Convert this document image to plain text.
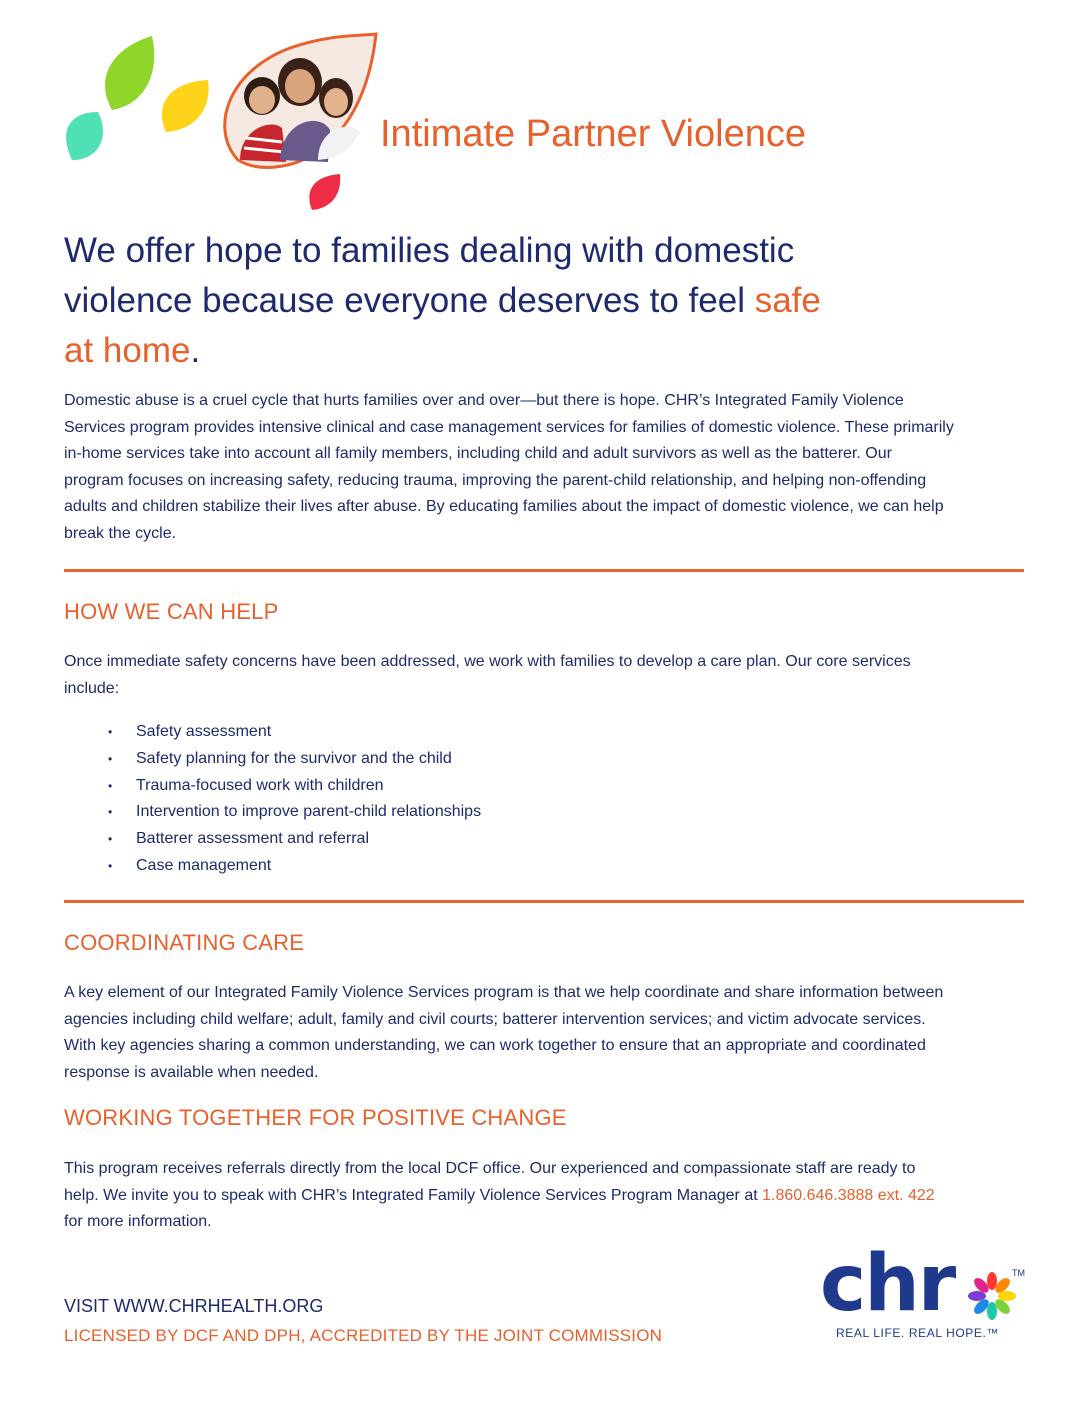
Intimate Partner Violence
We offer hope to families dealing with domestic violence because everyone deserves to feel safe at home.
Domestic abuse is a cruel cycle that hurts families over and over—but there is hope. CHR’s Integrated Family Violence Services program provides intensive clinical and case management services for families of domestic violence. These primarily in-home services take into account all family members, including child and adult survivors as well as the batterer. Our program focuses on increasing safety, reducing trauma, improving the parent-child relationship, and helping non-offending adults and children stabilize their lives after abuse. By educating families about the impact of domestic violence, we can help break the cycle.
HOW WE CAN HELP
Once immediate safety concerns have been addressed, we work with families to develop a care plan. Our core services include:
• Safety assessment
• Safety planning for the survivor and the child
• Trauma-focused work with children
• Intervention to improve parent-child relationships
• Batterer assessment and referral
• Case management
COORDINATING CARE
A key element of our Integrated Family Violence Services program is that we help coordinate and share information between agencies including child welfare; adult, family and civil courts; batterer intervention services; and victim advocate services. With key agencies sharing a common understanding, we can work together to ensure that an appropriate and coordinated response is available when needed.
WORKING TOGETHER FOR POSITIVE CHANGE
This program receives referrals directly from the local DCF office. Our experienced and compassionate staff are ready to help. We invite you to speak with CHR’s Integrated Family Violence Services Program Manager at 1.860.646.3888 ext. 422 for more information.
VISIT WWW.CHRHEALTH.ORG
LICENSED BY DCF AND DPH, ACCREDITED BY THE JOINT COMMISSION
chr	TM
REAL LIFE. REAL HOPE.™
